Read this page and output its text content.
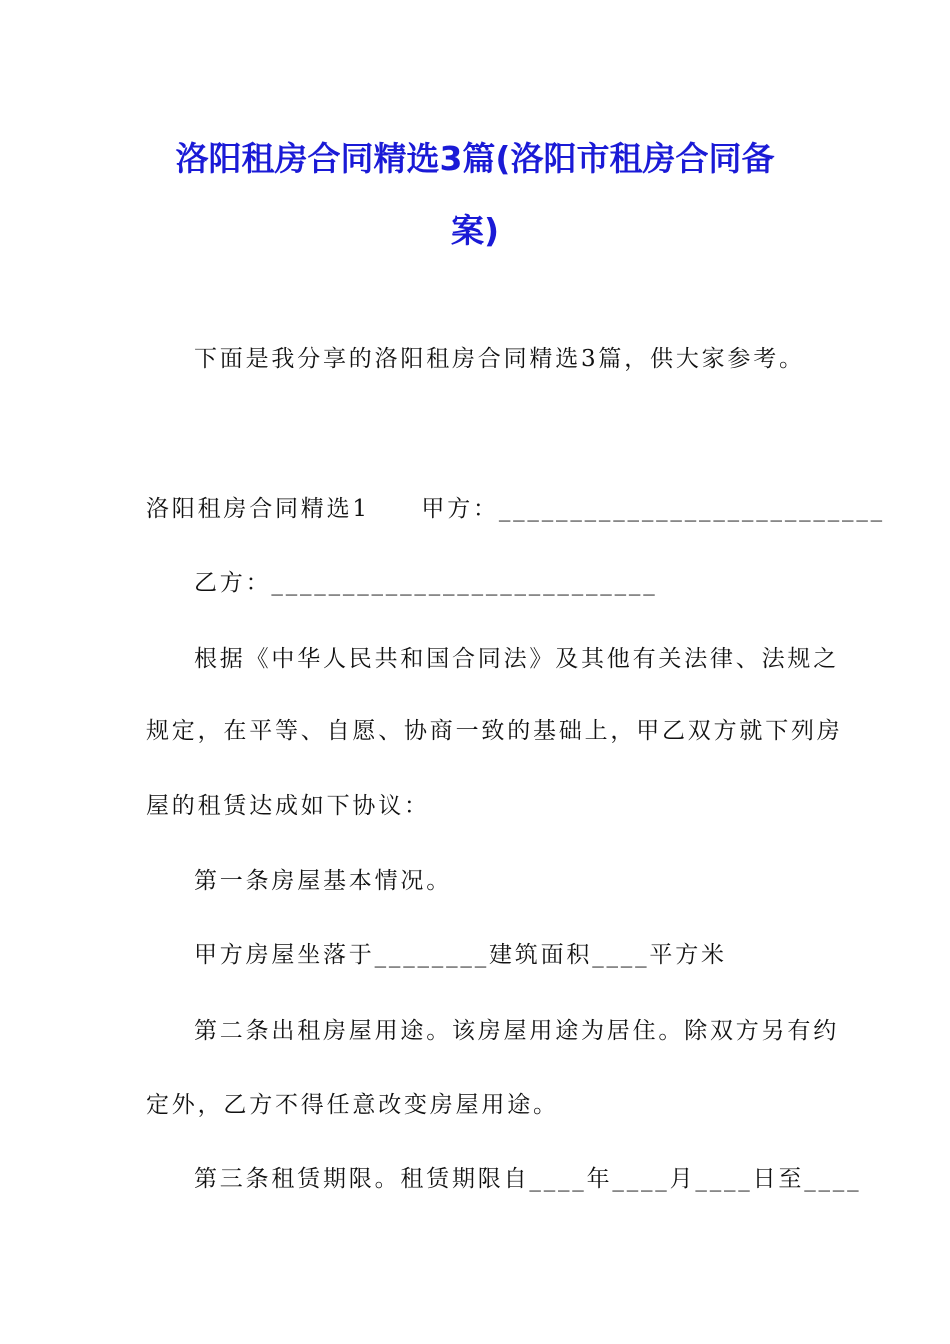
洛阳租房合同精选3篇(洛阳市租房合同备
案)
下面是我分享的洛阳租房合同精选3篇，供大家参考。
洛阳租房合同精选1　　甲方：___________________________
乙方：___________________________
根据《中华人民共和国合同法》及其他有关法律、法规之
规定，在平等、自愿、协商一致的基础上，甲乙双方就下列房
屋的租赁达成如下协议：
第一条房屋基本情况。
甲方房屋坐落于________建筑面积____平方米
第二条出租房屋用途。该房屋用途为居住。除双方另有约
定外，乙方不得任意改变房屋用途。
第三条租赁期限。租赁期限自____年____月____日至____
